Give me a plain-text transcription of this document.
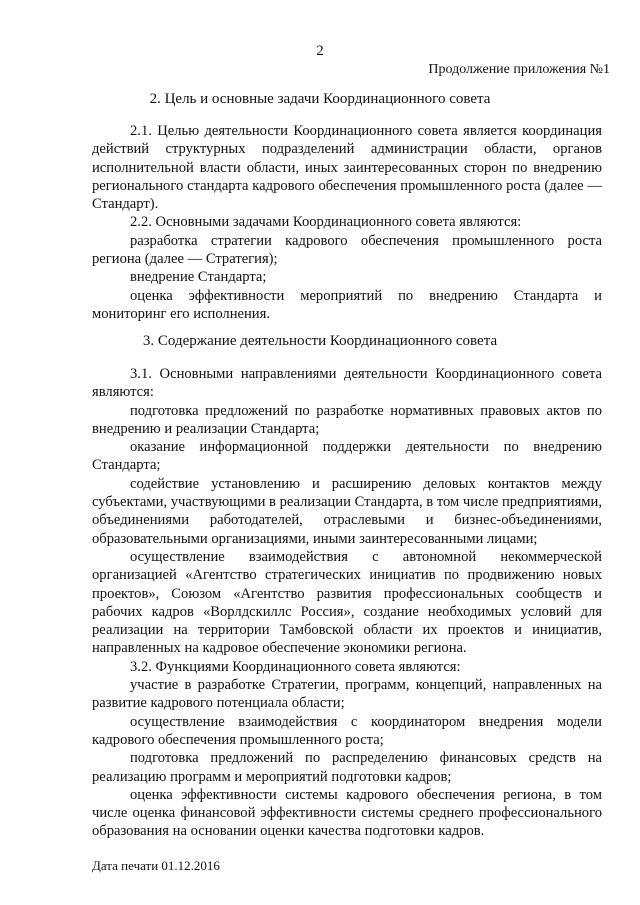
2
Продолжение приложения №1
2. Цель и основные задачи Координационного совета

2.1. Целью деятельности Координационного совета является координация действий структурных подразделений администрации области, органов исполнительной власти области, иных заинтересованных сторон по внедрению регионального стандарта кадрового обеспечения промышленного роста (далее — Стандарт).

2.2. Основными задачами Координационного совета являются:

разработка стратегии кадрового обеспечения промышленного роста региона (далее — Стратегия);

внедрение Стандарта;

оценка эффективности мероприятий по внедрению Стандарта и мониторинг его исполнения.

3. Содержание деятельности Координационного совета

3.1. Основными направлениями деятельности Координационного совета являются:

подготовка предложений по разработке нормативных правовых актов по внедрению и реализации Стандарта;

оказание информационной поддержки деятельности по внедрению Стандарта;

содействие установлению и расширению деловых контактов между субъектами, участвующими в реализации Стандарта, в том числе предприятиями, объединениями работодателей, отраслевыми и бизнес-объединениями, образовательными организациями, иными заинтересованными лицами;

осуществление взаимодействия с автономной некоммерческой организацией «Агентство стратегических инициатив по продвижению новых проектов», Союзом «Агентство развития профессиональных сообществ и рабочих кадров «Ворлдскиллс Россия», создание необходимых условий для реализации на территории Тамбовской области их проектов и инициатив, направленных на кадровое обеспечение экономики региона.

3.2. Функциями Координационного совета являются:

участие в разработке Стратегии, программ, концепций, направленных на развитие кадрового потенциала области;

осуществление взаимодействия с координатором внедрения модели кадрового обеспечения промышленного роста;

подготовка предложений по распределению финансовых средств на реализацию программ и мероприятий подготовки кадров;

оценка эффективности системы кадрового обеспечения региона, в том числе оценка финансовой эффективности системы среднего профессионального образования на основании оценки качества подготовки кадров.

Дата печати 01.12.2016
